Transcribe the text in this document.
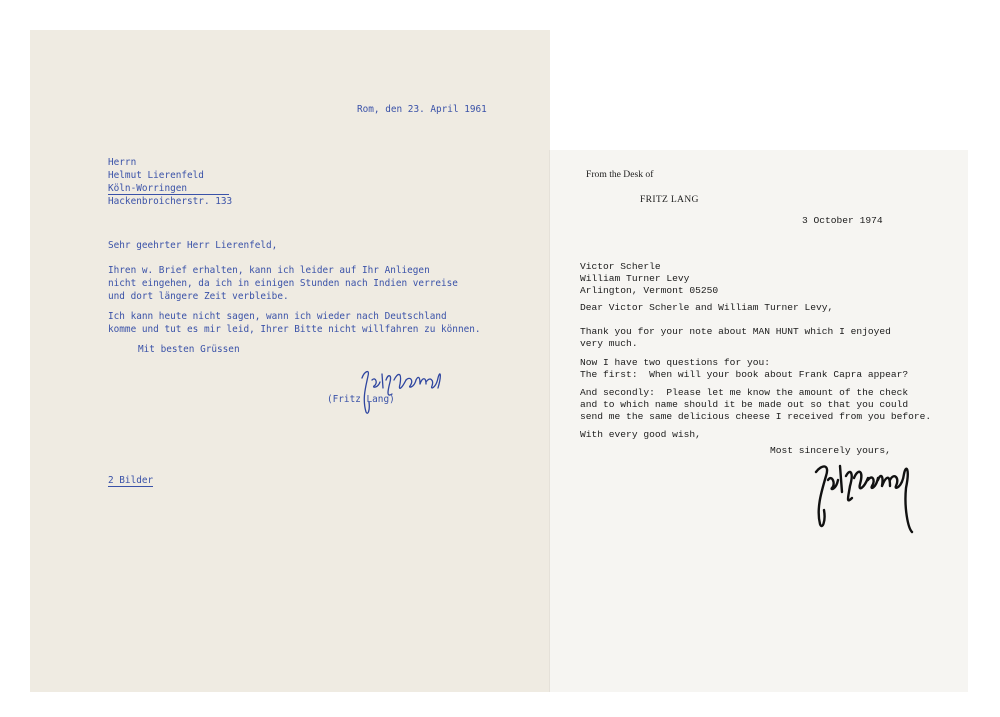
Rom, den 23. April 1961
Herrn
Helmut Lierenfeld
Köln-Worringen
Hackenbroicherstr. 133
Sehr geehrter Herr Lierenfeld,
Ihren w. Brief erhalten, kann ich leider auf Ihr Anliegen
nicht eingehen, da ich in einigen Stunden nach Indien verreise
und dort längere Zeit verbleibe.
Ich kann heute nicht sagen, wann ich wieder nach Deutschland
komme und tut es mir leid, Ihrer Bitte nicht willfahren zu können.
Mit besten Grüssen
(Fritz Lang)
2 Bilder
From the Desk of
FRITZ LANG
3 October 1974
Victor Scherle
William Turner Levy
Arlington, Vermont 05250
Dear Victor Scherle and William Turner Levy,
Thank you for your note about MAN HUNT which I enjoyed
very much.
Now I have two questions for you:
The first:  When will your book about Frank Capra appear?
And secondly:  Please let me know the amount of the check
and to which name should it be made out so that you could
send me the same delicious cheese I received from you before.
With every good wish,
Most sincerely yours,
